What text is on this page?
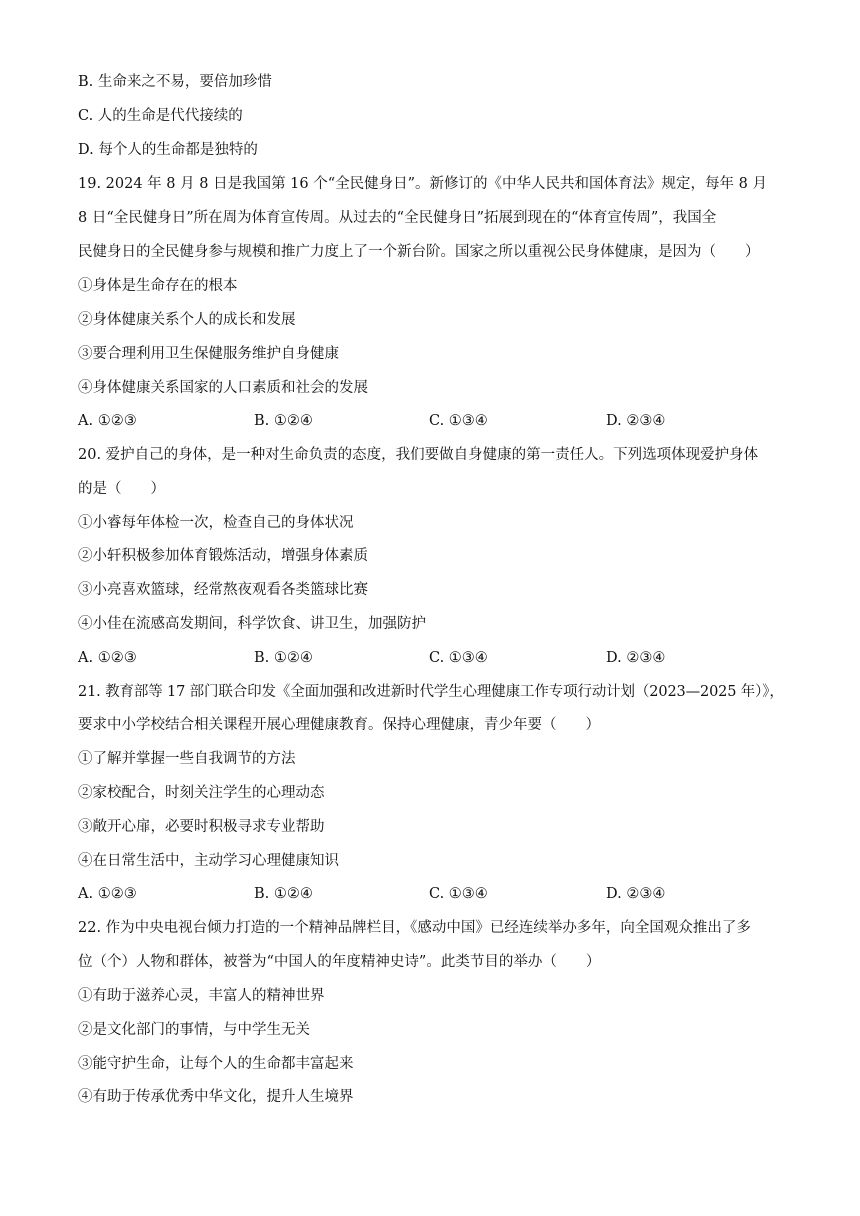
B. 生命来之不易，要倍加珍惜
C. 人的生命是代代接续的
D. 每个人的生命都是独特的
19. 2024 年 8 月 8 日是我国第 16 个“全民健身日”。新修订的《中华人民共和国体育法》规定，每年 8 月
8 日“全民健身日”所在周为体育宣传周。从过去的“全民健身日”拓展到现在的“体育宣传周”，我国全
民健身日的全民健身参与规模和推广力度上了一个新台阶。国家之所以重视公民身体健康，是因为（　　）
①身体是生命存在的根本
②身体健康关系个人的成长和发展
③要合理利用卫生保健服务维护自身健康
④身体健康关系国家的人口素质和社会的发展
A. ①②③	B. ①②④	C. ①③④	D. ②③④
20. 爱护自己的身体，是一种对生命负责的态度，我们要做自身健康的第一责任人。下列选项体现爱护身体
的是（　　）
①小睿每年体检一次，检查自己的身体状况
②小轩积极参加体育锻炼活动，增强身体素质
③小亮喜欢篮球，经常熬夜观看各类篮球比赛
④小佳在流感高发期间，科学饮食、讲卫生，加强防护
A. ①②③	B. ①②④	C. ①③④	D. ②③④
21. 教育部等 17 部门联合印发《全面加强和改进新时代学生心理健康工作专项行动计划（2023—2025 年）》，
要求中小学校结合相关课程开展心理健康教育。保持心理健康，青少年要（　　）
①了解并掌握一些自我调节的方法
②家校配合，时刻关注学生的心理动态
③敞开心扉，必要时积极寻求专业帮助
④在日常生活中，主动学习心理健康知识
A. ①②③	B. ①②④	C. ①③④	D. ②③④
22. 作为中央电视台倾力打造的一个精神品牌栏目，《感动中国》已经连续举办多年，向全国观众推出了多
位（个）人物和群体，被誉为“中国人的年度精神史诗”。此类节目的举办（　　）
①有助于滋养心灵，丰富人的精神世界
②是文化部门的事情，与中学生无关
③能守护生命，让每个人的生命都丰富起来
④有助于传承优秀中华文化，提升人生境界
